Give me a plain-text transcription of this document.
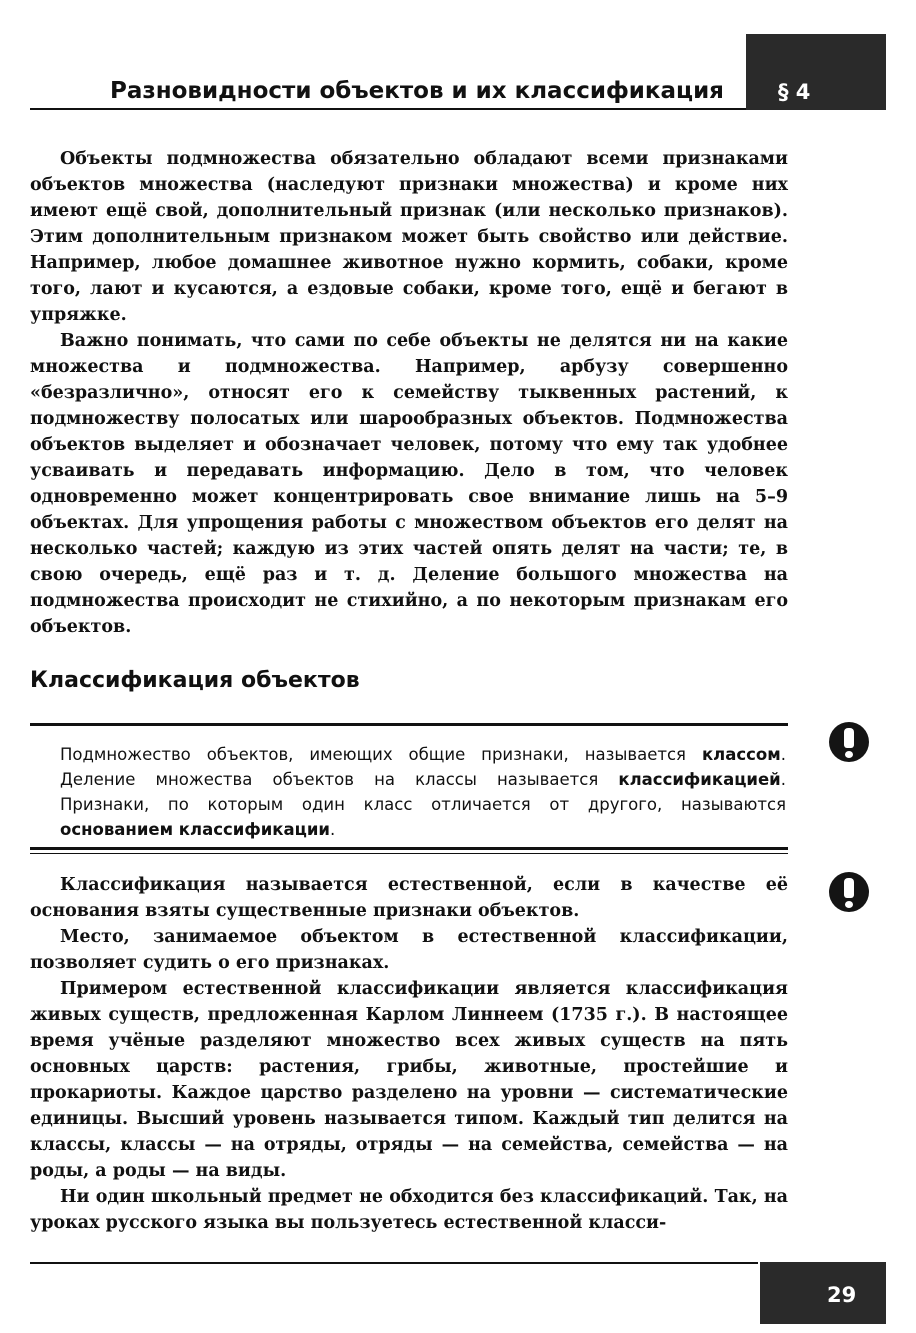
Разновидности объектов и их классификация	§ 4

Объекты подмножества обязательно обладают всеми признаками объектов множества (наследуют признаки множества) и кроме них имеют ещё свой, дополнительный признак (или несколько признаков). Этим дополнительным признаком может быть свойство или действие. Например, любое домашнее животное нужно кормить, собаки, кроме того, лают и кусаются, а ездовые собаки, кроме того, ещё и бегают в упряжке.

Важно понимать, что сами по себе объекты не делятся ни на какие множества и подмножества. Например, арбузу совершенно «безразлично», относят его к семейству тыквенных растений, к подмножеству полосатых или шарообразных объектов. Подмножества объектов выделяет и обозначает человек, потому что ему так удобнее усваивать и передавать информацию. Дело в том, что человек одновременно может концентрировать свое внимание лишь на 5–9 объектах. Для упрощения работы с множеством объектов его делят на несколько частей; каждую из этих частей опять делят на части; те, в свою очередь, ещё раз и т. д. Деление большого множества на подмножества происходит не стихийно, а по некоторым признакам его объектов.

Классификация объектов

Подмножество объектов, имеющих общие признаки, называется классом. Деление множества объектов на классы называется классификацией. Признаки, по которым один класс отличается от другого, называются основанием классификации.

Классификация называется естественной, если в качестве её основания взяты существенные признаки объектов.

Место, занимаемое объектом в естественной классификации, позволяет судить о его признаках.

Примером естественной классификации является классификация живых существ, предложенная Карлом Линнеем (1735 г.). В настоящее время учёные разделяют множество всех живых существ на пять основных царств: растения, грибы, животные, простейшие и прокариоты. Каждое царство разделено на уровни — систематические единицы. Высший уровень называется типом. Каждый тип делится на классы, классы — на отряды, отряды — на семейства, семейства — на роды, а роды — на виды.

Ни один школьный предмет не обходится без классификаций. Так, на уроках русского языка вы пользуетесь естественной класси-

29
